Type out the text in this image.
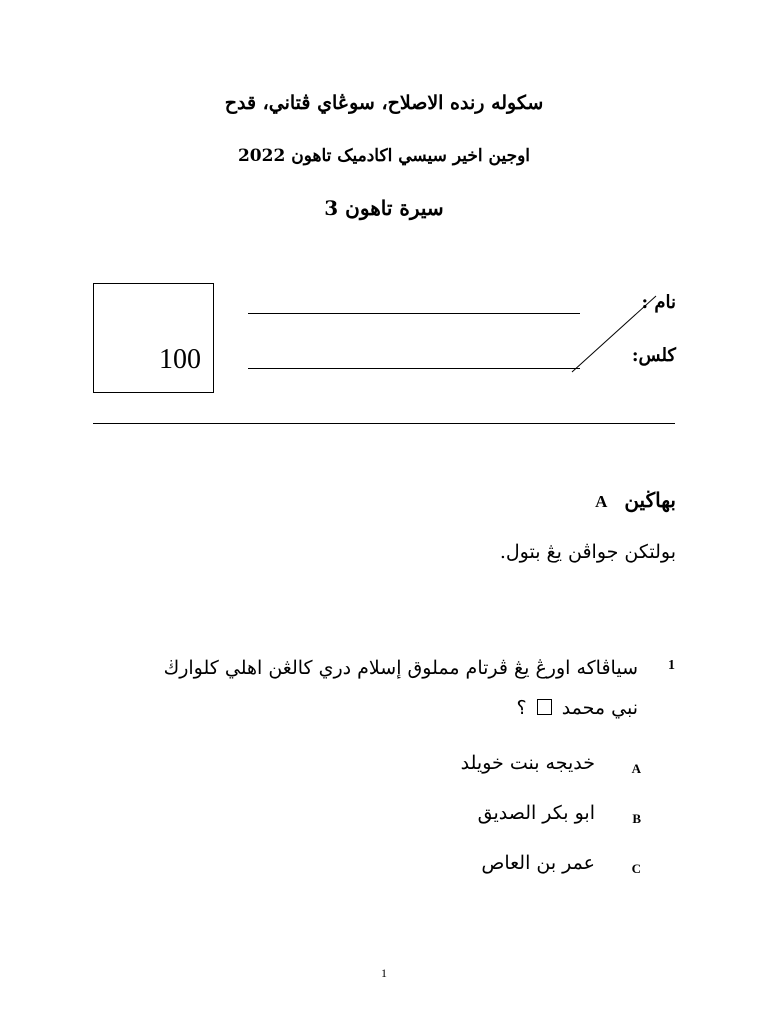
سكوله رنده الاصلاح، سوڠاي ڤتاني، قدح
اوجين اخير سيسي اكادميک تاهون 2022
سيرة تاهون 3
100
نام :
كلس:
بهاڬين A
بولتكن جواڤن يڠ بتول.
1
سياڤاكه اورڠ يڠ ڤرتام مملوق إسلام دري كالڠن اهلي كلوارڬ
نبي محمد  ؟
A
خديجه بنت خويلد
B
ابو بكر الصديق
C
عمر بن العاص
1
